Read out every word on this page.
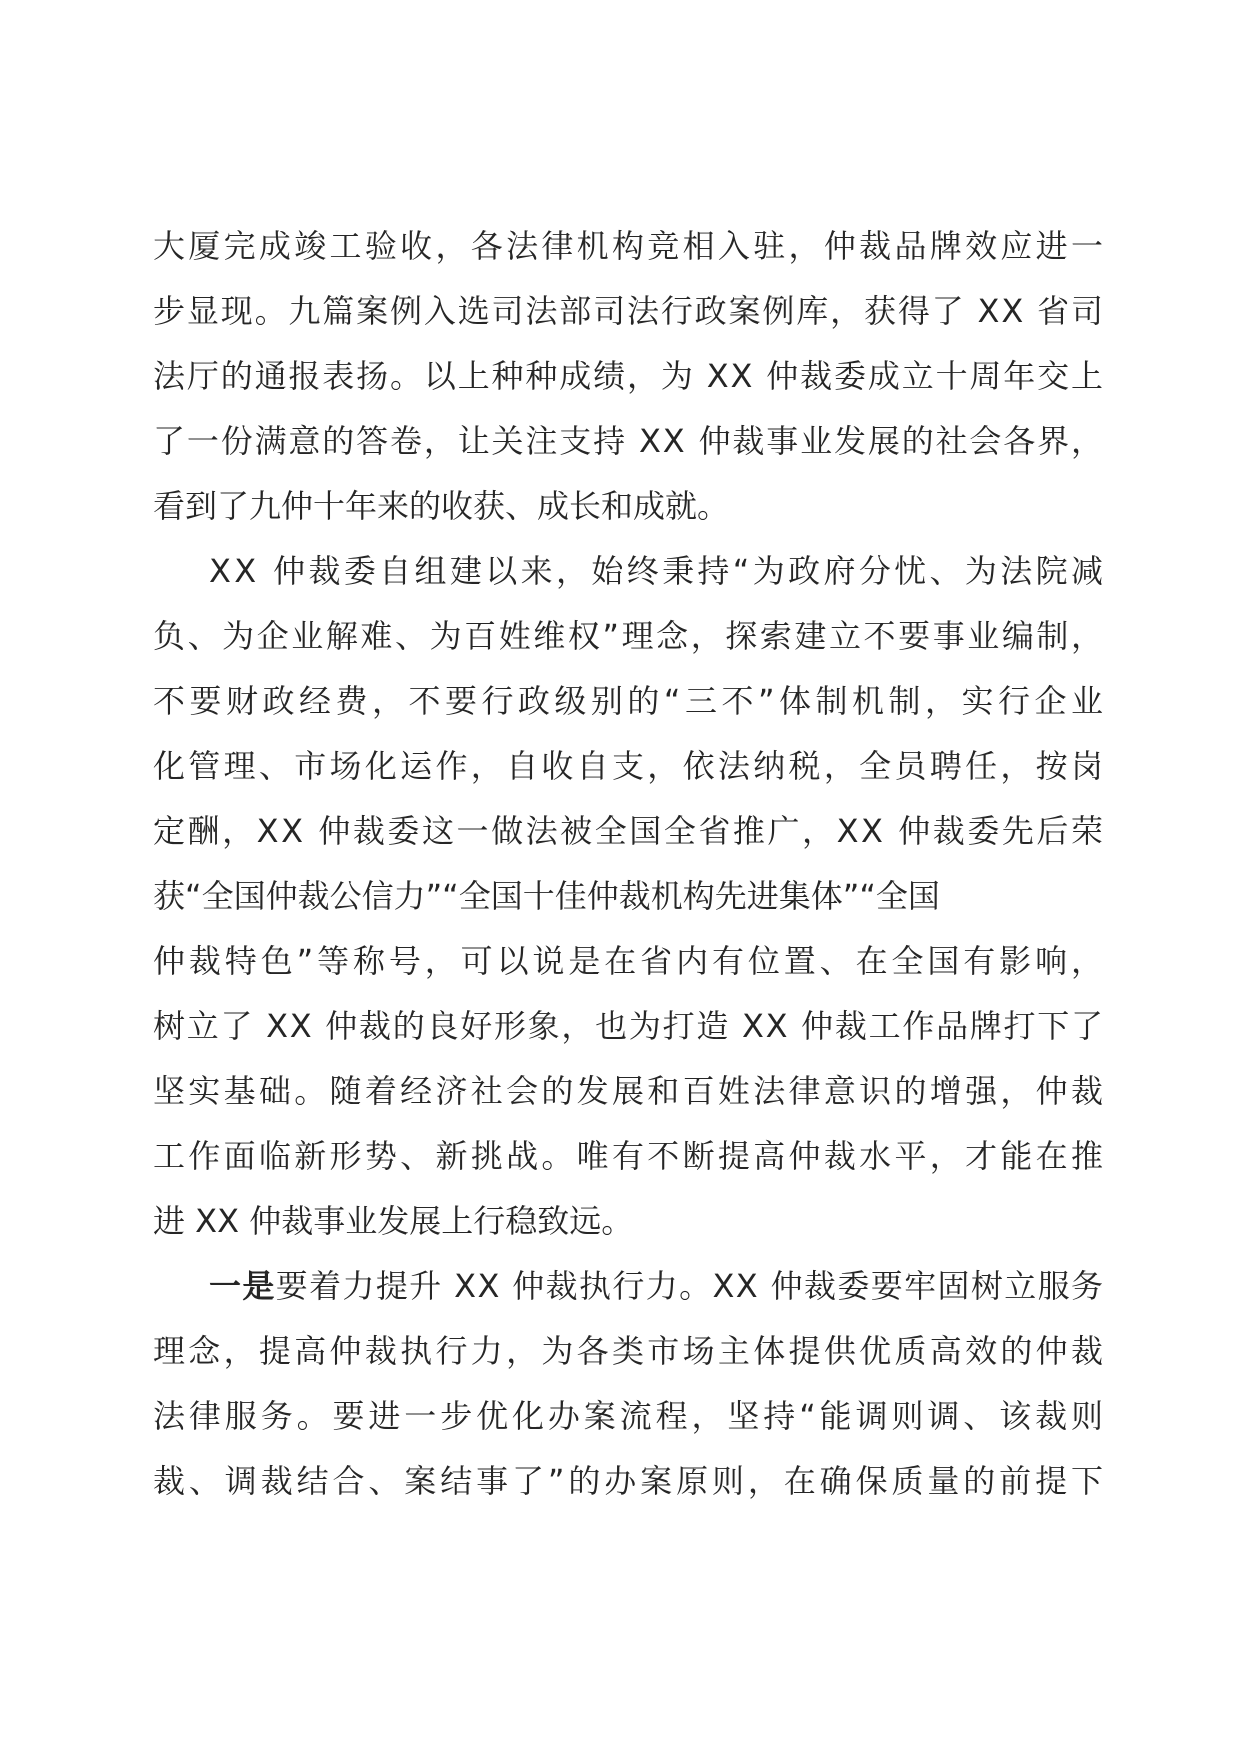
大厦完成竣工验收，各法律机构竞相入驻，仲裁品牌效应进一
步显现。九篇案例入选司法部司法行政案例库，获得了 XX 省司
法厅的通报表扬。以上种种成绩，为 XX 仲裁委成立十周年交上
了一份满意的答卷，让关注支持 XX 仲裁事业发展的社会各界，
看到了九仲十年来的收获、成长和成就。
XX 仲裁委自组建以来，始终秉持“为政府分忧、为法院减
负、为企业解难、为百姓维权”理念，探索建立不要事业编制，
不要财政经费，不要行政级别的“三不”体制机制，实行企业
化管理、市场化运作，自收自支，依法纳税，全员聘任，按岗
定酬，XX 仲裁委这一做法被全国全省推广，XX 仲裁委先后荣
获“全国仲裁公信力”“全国十佳仲裁机构先进集体”“全国
仲裁特色”等称号，可以说是在省内有位置、在全国有影响，
树立了 XX 仲裁的良好形象，也为打造 XX 仲裁工作品牌打下了
坚实基础。随着经济社会的发展和百姓法律意识的增强，仲裁
工作面临新形势、新挑战。唯有不断提高仲裁水平，才能在推
进 XX 仲裁事业发展上行稳致远。
一是要着力提升 XX 仲裁执行力。XX 仲裁委要牢固树立服务
理念，提高仲裁执行力，为各类市场主体提供优质高效的仲裁
法律服务。要进一步优化办案流程，坚持“能调则调、该裁则
裁、调裁结合、案结事了”的办案原则，在确保质量的前提下
